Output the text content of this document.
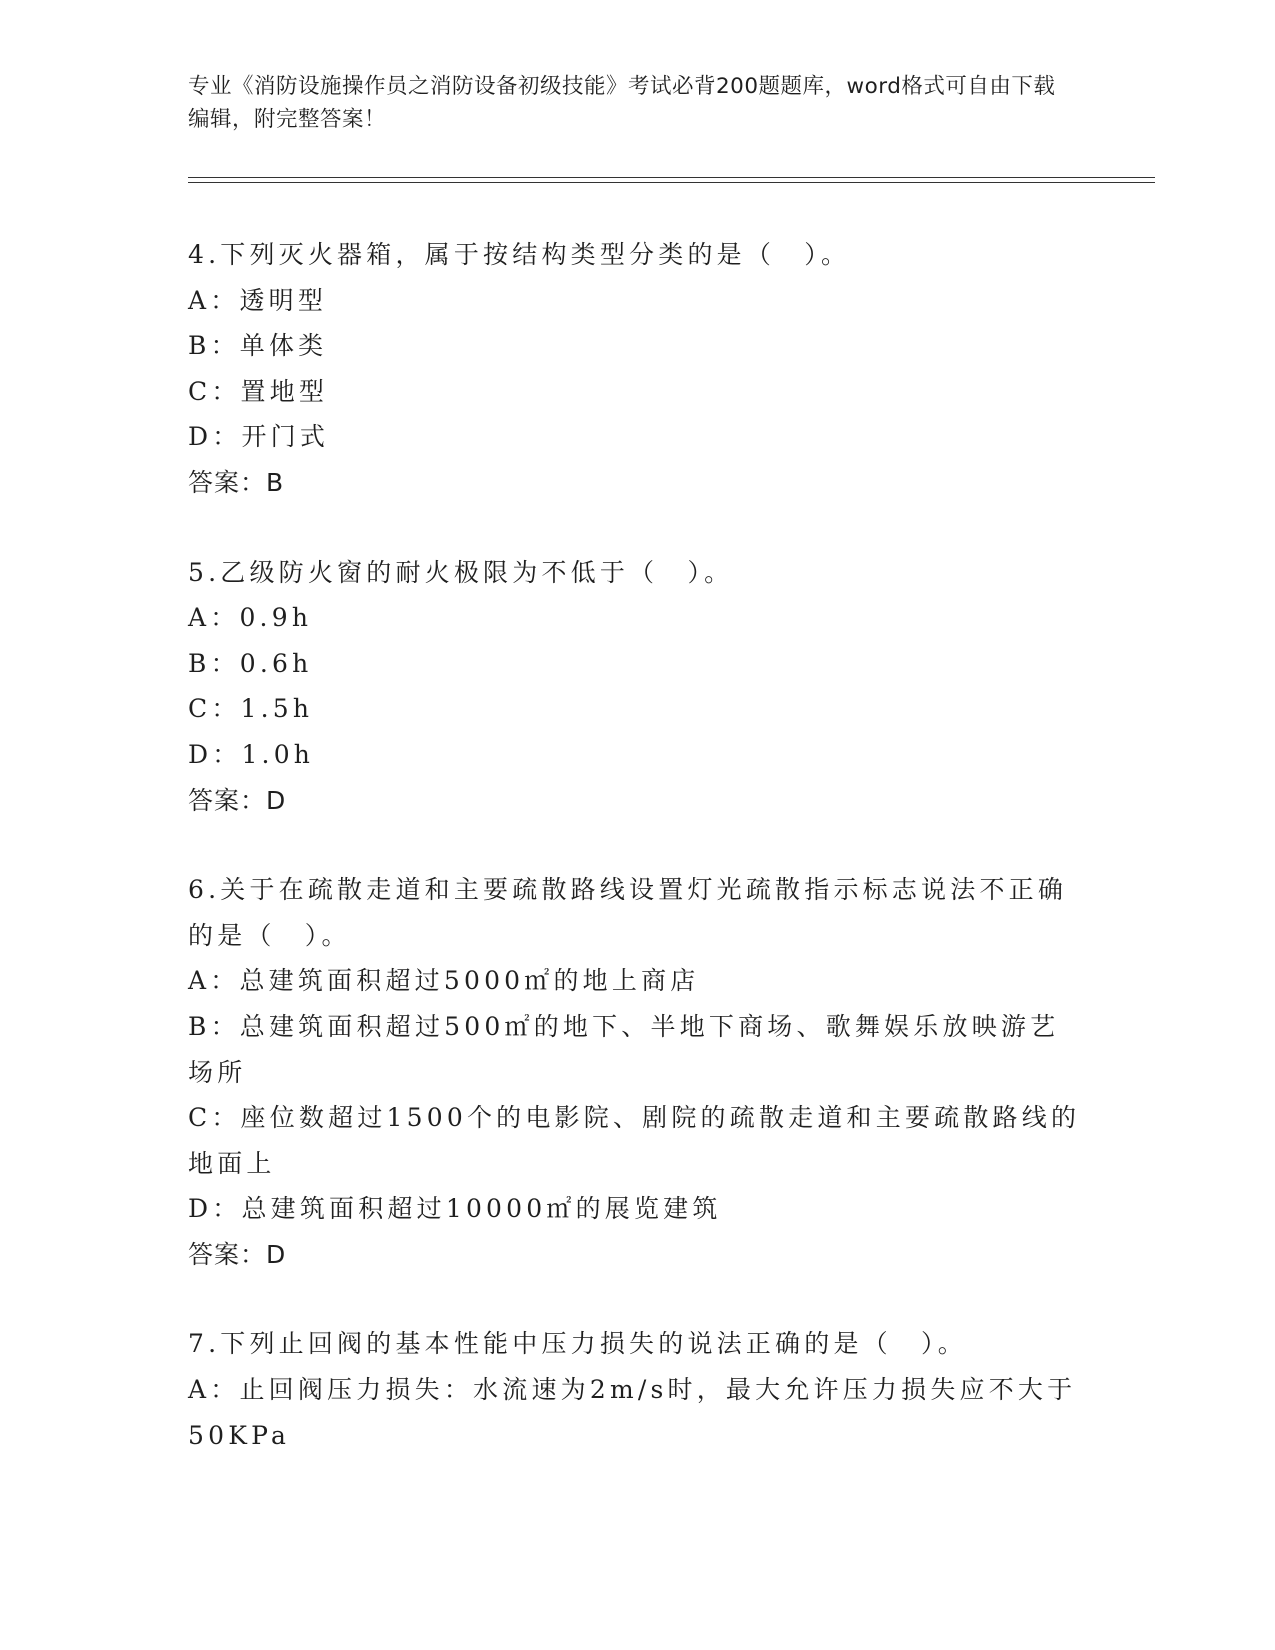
专业《消防设施操作员之消防设备初级技能》考试必背200题题库，word格式可自由下载编辑，附完整答案！
4.下列灭火器箱，属于按结构类型分类的是（　）。
A：透明型
B：单体类
C：置地型
D：开门式
答案：B
5.乙级防火窗的耐火极限为不低于（　）。
A：0.9h
B：0.6h
C：1.5h
D：1.0h
答案：D
6.关于在疏散走道和主要疏散路线设置灯光疏散指示标志说法不正确的是（　）。
A：总建筑面积超过5000㎡的地上商店
B：总建筑面积超过500㎡的地下、半地下商场、歌舞娱乐放映游艺场所
C：座位数超过1500个的电影院、剧院的疏散走道和主要疏散路线的地面上
D：总建筑面积超过10000㎡的展览建筑
答案：D
7.下列止回阀的基本性能中压力损失的说法正确的是（　）。
A：止回阀压力损失：水流速为2m/s时，最大允许压力损失应不大于50KPa
